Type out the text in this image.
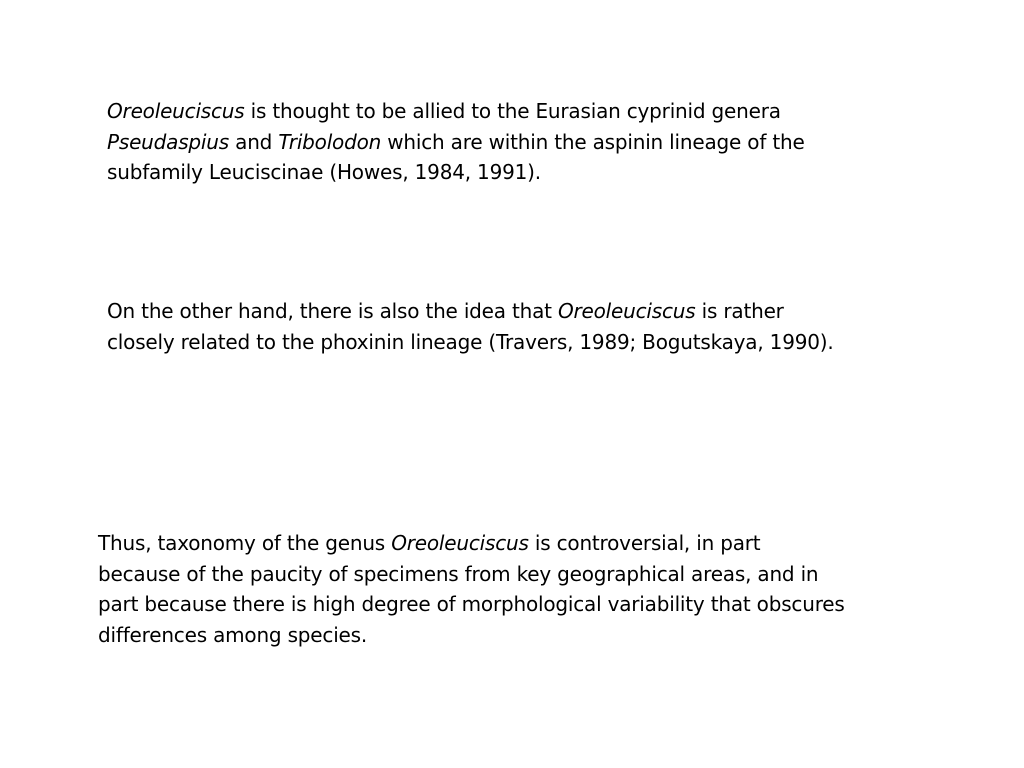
Oreoleuciscus is thought to be allied to the Eurasian cyprinid genera
Pseudaspius and Tribolodon which are within the aspinin lineage of the
subfamily Leuciscinae (Howes, 1984, 1991).

On the other hand, there is also the idea that Oreoleuciscus is rather
closely related to the phoxinin lineage (Travers, 1989; Bogutskaya, 1990).

Thus, taxonomy of the genus Oreoleuciscus is controversial, in part
because of the paucity of specimens from key geographical areas, and in
part because there is high degree of morphological variability that obscures
differences among species.
